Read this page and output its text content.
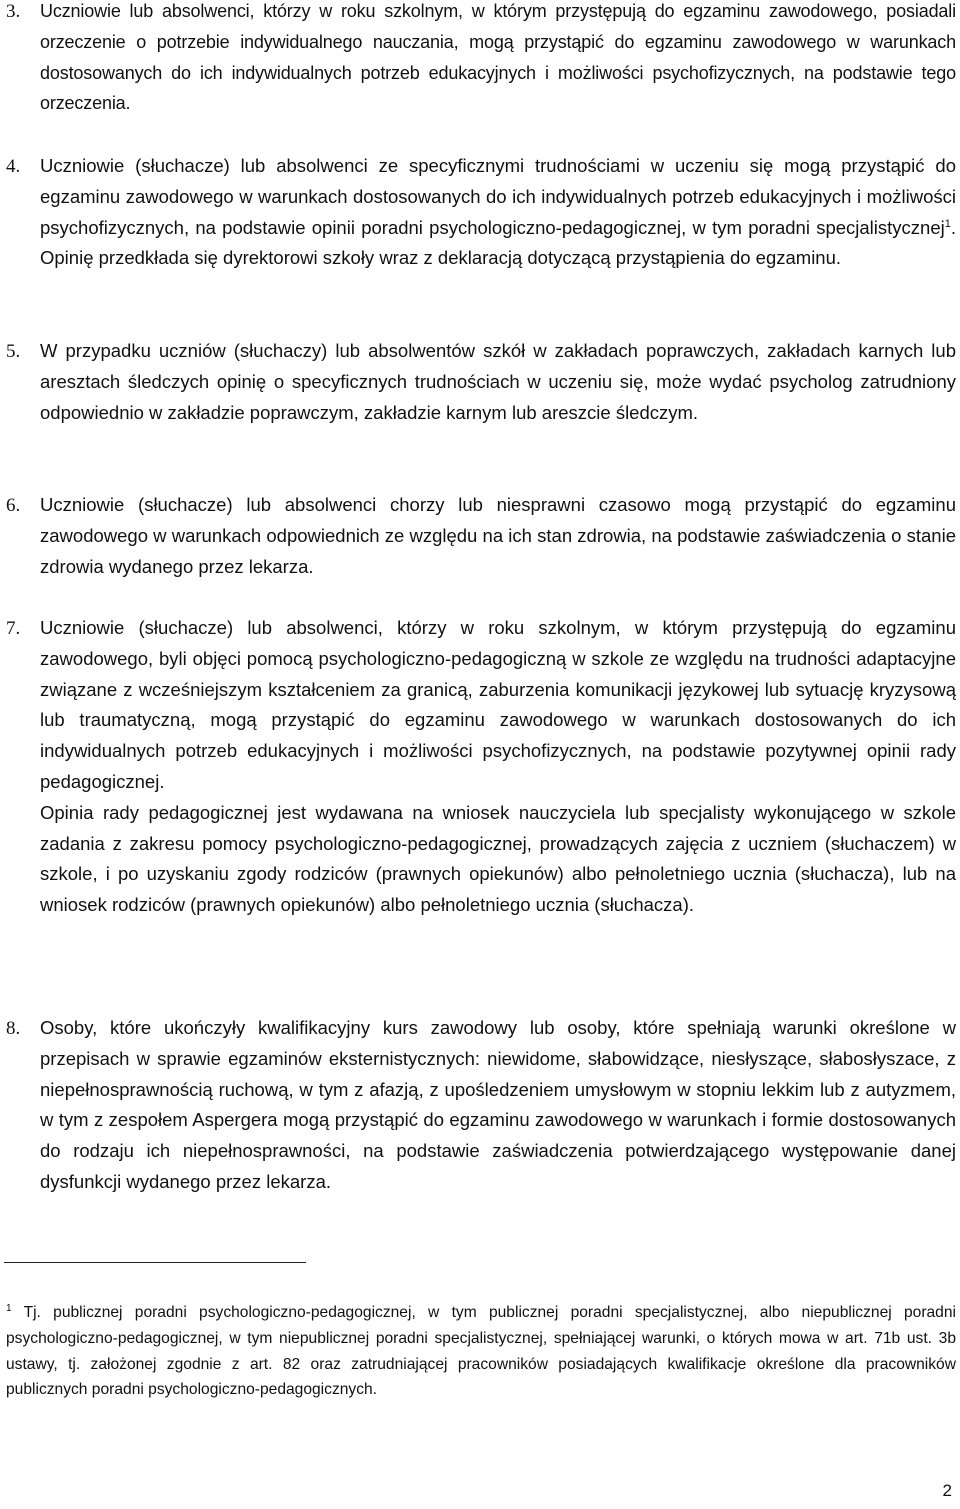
3. Uczniowie lub absolwenci, którzy w roku szkolnym, w którym przystępują do egzaminu zawodowego, posiadali orzeczenie o potrzebie indywidualnego nauczania, mogą przystąpić do egzaminu zawodowego w warunkach dostosowanych do ich indywidualnych potrzeb edukacyjnych i możliwości psychofizycznych, na podstawie tego orzeczenia.
4. Uczniowie (słuchacze) lub absolwenci ze specyficznymi trudnościami w uczeniu się mogą przystąpić do egzaminu zawodowego w warunkach dostosowanych do ich indywidualnych potrzeb edukacyjnych i możliwości psychofizycznych, na podstawie opinii poradni psychologiczno-pedagogicznej, w tym poradni specjalistycznej$^1$. Opinię przedkłada się dyrektorowi szkoły wraz z deklaracją dotyczącą przystąpienia do egzaminu.
5. W przypadku uczniów (słuchaczy) lub absolwentów szkół w zakładach poprawczych, zakładach karnych lub aresztach śledczych opinię o specyficznych trudnościach w uczeniu się, może wydać psycholog zatrudniony odpowiednio w zakładzie poprawczym, zakładzie karnym lub areszcie śledczym.
6. Uczniowie (słuchacze) lub absolwenci chorzy lub niesprawni czasowo mogą przystąpić do egzaminu zawodowego w warunkach odpowiednich ze względu na ich stan zdrowia, na podstawie zaświadczenia o stanie zdrowia wydanego przez lekarza.
7. Uczniowie (słuchacze) lub absolwenci, którzy w roku szkolnym, w którym przystępują do egzaminu zawodowego, byli objęci pomocą psychologiczno-pedagogiczną w szkole ze względu na trudności adaptacyjne związane z wcześniejszym kształceniem za granicą, zaburzenia komunikacji językowej lub sytuację kryzysową lub traumatyczną, mogą przystąpić do egzaminu zawodowego w warunkach dostosowanych do ich indywidualnych potrzeb edukacyjnych i możliwości psychofizycznych, na podstawie pozytywnej opinii rady pedagogicznej.

Opinia rady pedagogicznej jest wydawana na wniosek nauczyciela lub specjalisty wykonującego w szkole zadania z zakresu pomocy psychologiczno-pedagogicznej, prowadzących zajęcia z uczniem (słuchaczem) w szkole, i po uzyskaniu zgody rodziców (prawnych opiekunów) albo pełnoletniego ucznia (słuchacza), lub na wniosek rodziców (prawnych opiekunów) albo pełnoletniego ucznia (słuchacza).

8. Osoby, które ukończyły kwalifikacyjny kurs zawodowy lub osoby, które spełniają warunki określone w przepisach w sprawie egzaminów eksternistycznych: niewidome, słabowidzące, niesłyszące, słabosłyszace, z niepełnosprawnością ruchową, w tym z afazją, z upośledzeniem umysłowym w stopniu lekkim lub z autyzmem, w tym z zespołem Aspergera mogą przystąpić do egzaminu zawodowego w warunkach i formie dostosowanych do rodzaju ich niepełnosprawności, na podstawie zaświadczenia potwierdzającego występowanie danej dysfunkcji wydanego przez lekarza.
$^1$ Tj. publicznej poradni psychologiczno-pedagogicznej, w tym publicznej poradni specjalistycznej, albo niepublicznej poradni psychologiczno-pedagogicznej, w tym niepublicznej poradni specjalistycznej, spełniającej warunki, o których mowa w art. 71b ust. 3b ustawy, tj. założonej zgodnie z art. 82 oraz zatrudniającej pracowników posiadających kwalifikacje określone dla pracowników publicznych poradni psychologiczno-pedagogicznych.
2
